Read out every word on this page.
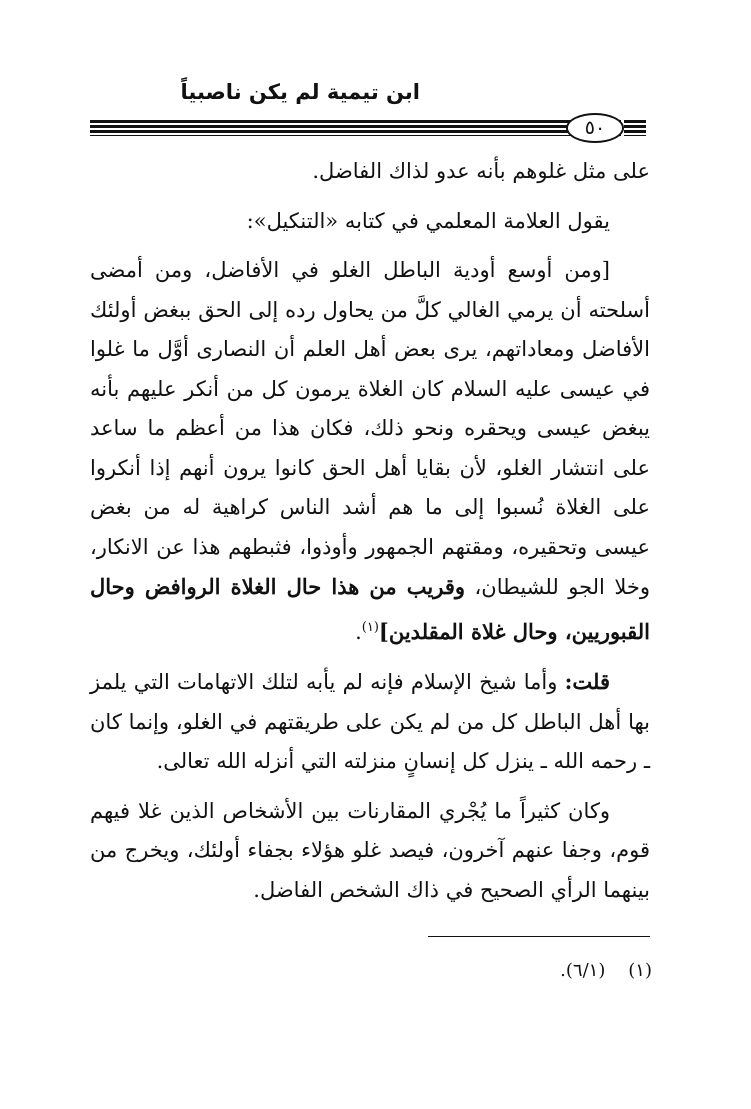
ابن تيمية لم يكن ناصبياً
٥٠

على مثل غلوهم بأنه عدو لذاك الفاضل.

يقول العلامة المعلمي في كتابه «التنكيل»:

[ومن أوسع أودية الباطل الغلو في الأفاضل، ومن أمضى أسلحته أن يرمي الغالي كلَّ من يحاول رده إلى الحق ببغض أولئك الأفاضل ومعاداتهم، يرى بعض أهل العلم أن النصارى أوَّل ما غلوا في عيسى عليه السلام كان الغلاة يرمون كل من أنكر عليهم بأنه يبغض عيسى ويحقره ونحو ذلك، فكان هذا من أعظم ما ساعد على انتشار الغلو، لأن بقايا أهل الحق كانوا يرون أنهم إذا أنكروا على الغلاة نُسبوا إلى ما هم أشد الناس كراهية له من بغض عيسى وتحقيره، ومقتهم الجمهور وأوذوا، فثبطهم هذا عن الانكار، وخلا الجو للشيطان، وقريب من هذا حال الغلاة الروافض وحال القبوريين، وحال غلاة المقلدين]$^{(١)}$.

قلت: وأما شيخ الإسلام فإنه لم يأبه لتلك الاتهامات التي يلمز بها أهل الباطل كل من لم يكن على طريقتهم في الغلو، وإنما كان ـ رحمه الله ـ ينزل كل إنسانٍ منزلته التي أنزله الله تعالى.

وكان كثيراً ما يُجْري المقارنات بين الأشخاص الذين غلا فيهم قوم، وجفا عنهم آخرون، فيصد غلو هؤلاء بجفاء أولئك، ويخرج من بينهما الرأي الصحيح في ذاك الشخص الفاضل.

(١)    (٦/١).
